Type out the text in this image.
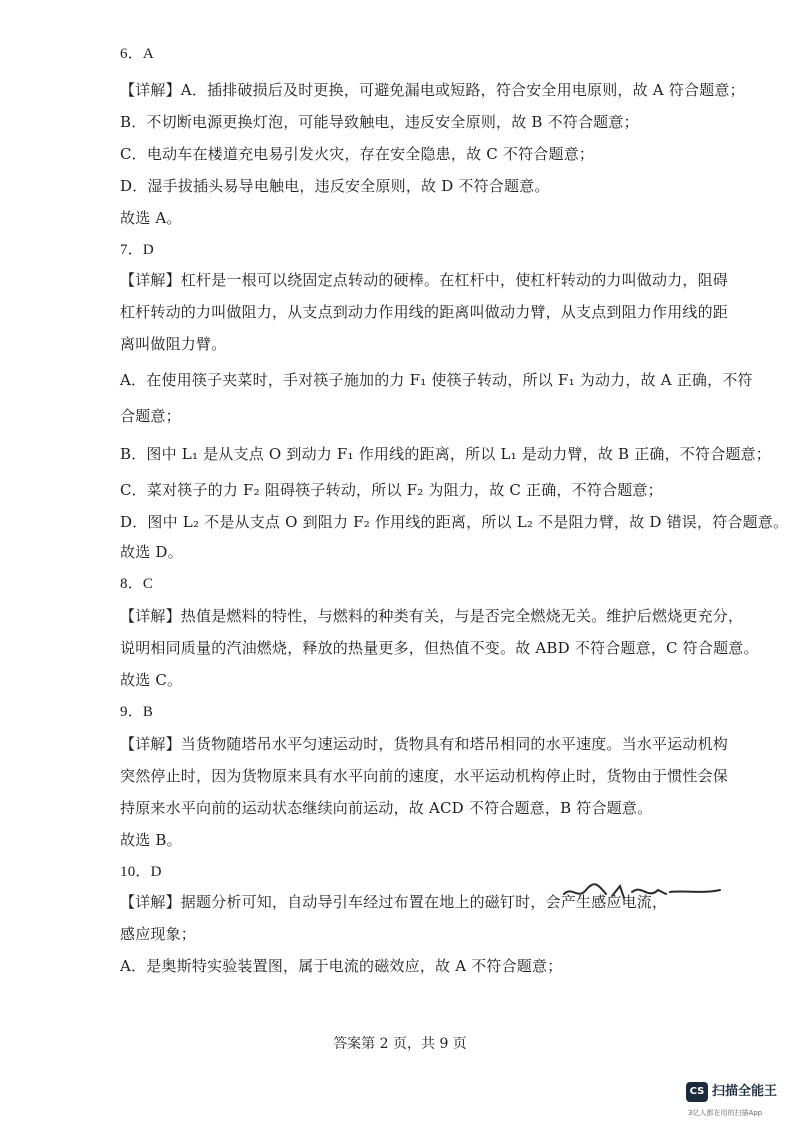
6．A
【详解】A．插排破损后及时更换，可避免漏电或短路，符合安全用电原则，故 A 符合题意；
B．不切断电源更换灯泡，可能导致触电，违反安全原则，故 B 不符合题意；
C．电动车在楼道充电易引发火灾，存在安全隐患，故 C 不符合题意；
D．湿手拔插头易导电触电，违反安全原则，故 D 不符合题意。
故选 A。
7．D
【详解】杠杆是一根可以绕固定点转动的硬棒。在杠杆中，使杠杆转动的力叫做动力，阻碍
杠杆转动的力叫做阻力，从支点到动力作用线的距离叫做动力臂，从支点到阻力作用线的距
离叫做阻力臂。
A．在使用筷子夹菜时，手对筷子施加的力 F₁ 使筷子转动，所以 F₁ 为动力，故 A 正确，不符
合题意；
B．图中 L₁ 是从支点 O 到动力 F₁ 作用线的距离，所以 L₁ 是动力臂，故 B 正确，不符合题意；
C．菜对筷子的力 F₂ 阻碍筷子转动，所以 F₂ 为阻力，故 C 正确，不符合题意；
D．图中 L₂ 不是从支点 O 到阻力 F₂ 作用线的距离，所以 L₂ 不是阻力臂，故 D 错误，符合题意。
故选 D。
8．C
【详解】热值是燃料的特性，与燃料的种类有关，与是否完全燃烧无关。维护后燃烧更充分，
说明相同质量的汽油燃烧，释放的热量更多，但热值不变。故 ABD 不符合题意，C 符合题意。
故选 C。
9．B
【详解】当货物随塔吊水平匀速运动时，货物具有和塔吊相同的水平速度。当水平运动机构
突然停止时，因为货物原来具有水平向前的速度，水平运动机构停止时，货物由于惯性会保
持原来水平向前的运动状态继续向前运动，故 ACD 不符合题意，B 符合题意。
故选 B。
10．D
【详解】据题分析可知，自动导引车经过布置在地上的磁钉时，会产生感应电流，
感应现象；
A．是奥斯特实验装置图，属于电流的磁效应，故 A 不符合题意；
答案第 2 页，共 9 页
CS 扫描全能王
3亿人都在用的扫描App
